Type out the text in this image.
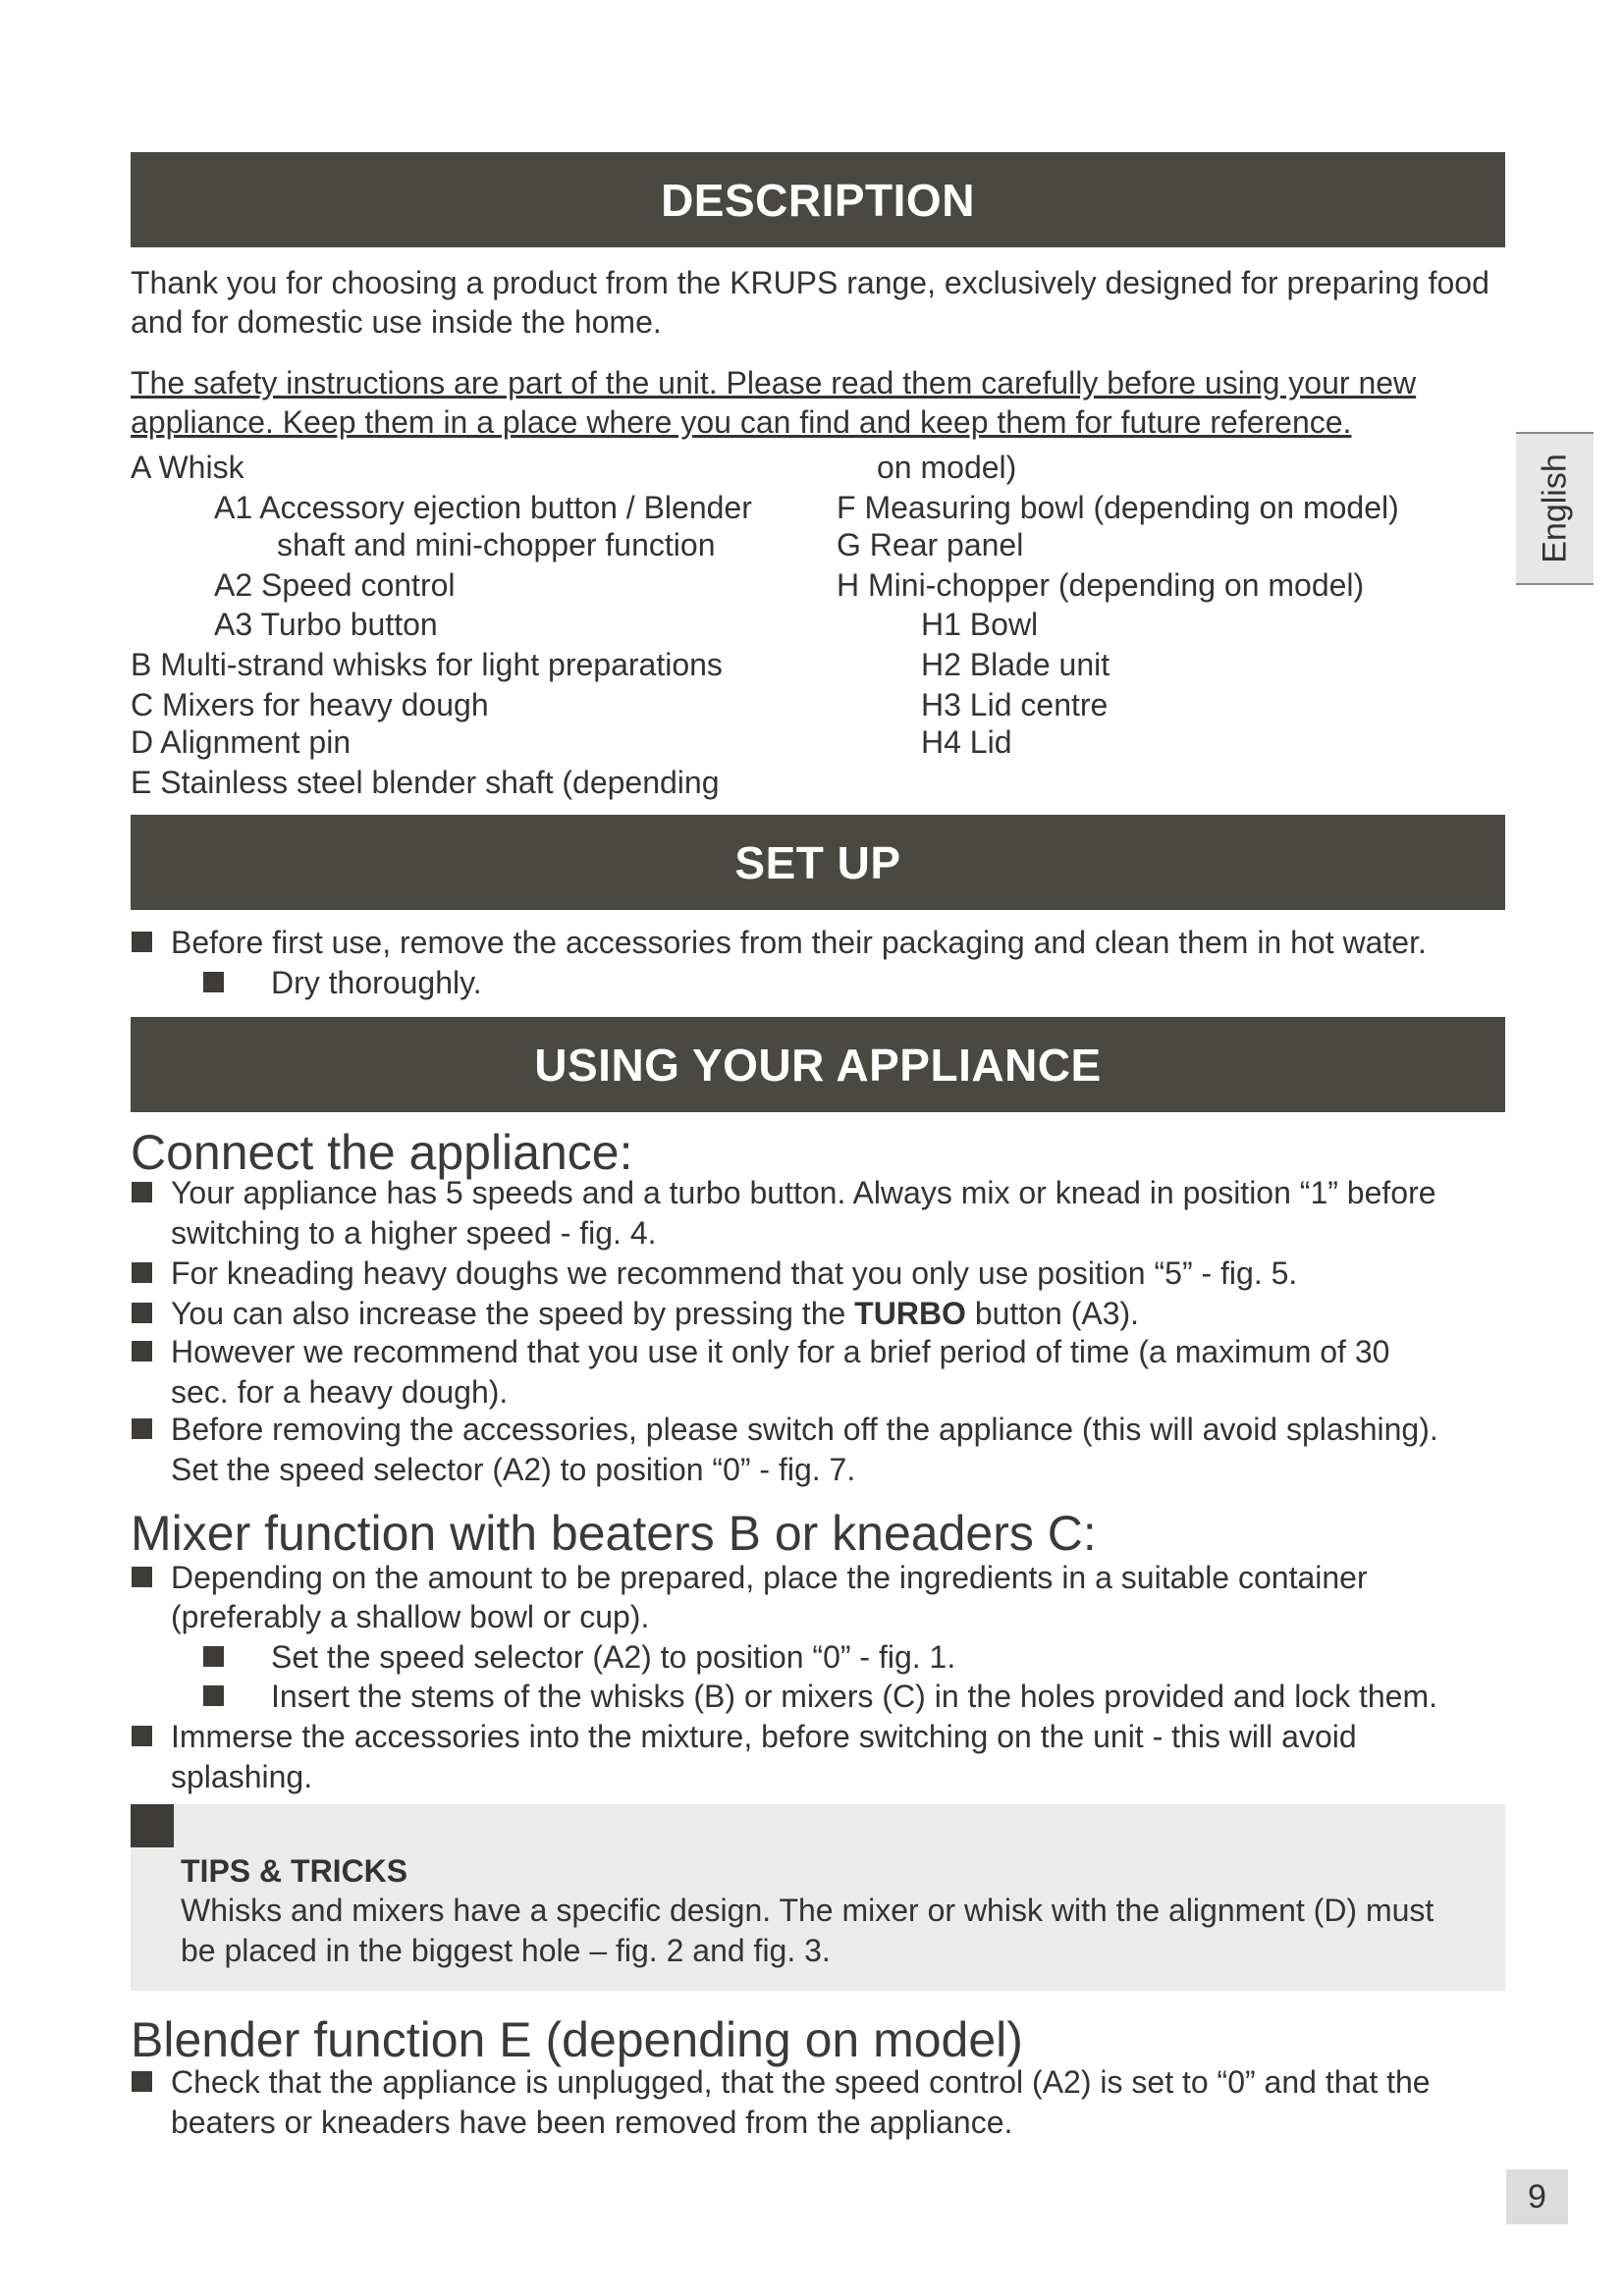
DESCRIPTION

Thank you for choosing a product from the KRUPS range, exclusively designed for preparing food and for domestic use inside the home.

The safety instructions are part of the unit. Please read them carefully before using your new
appliance. Keep them in a place where you can find and keep them for future reference.
A Whisk
A1 Accessory ejection button / Blender
shaft and mini-chopper function
A2 Speed control
A3 Turbo button
B Multi-strand whisks for light preparations
C Mixers for heavy dough
D Alignment pin
E Stainless steel blender shaft (depending
on model)
F Measuring bowl (depending on model)
G Rear panel
H Mini-chopper (depending on model)
H1 Bowl
H2 Blade unit
H3 Lid centre
H4 Lid
English
SET UP
Before first use, remove the accessories from their packaging and clean them in hot water.
Dry thoroughly.
USING YOUR APPLIANCE
Connect the appliance:
Your appliance has 5 speeds and a turbo button. Always mix or knead in position “1” before
switching to a higher speed - fig. 4.
For kneading heavy doughs we recommend that you only use position “5” - fig. 5.
You can also increase the speed by pressing the TURBO button (A3).
However we recommend that you use it only for a brief period of time (a maximum of 30
sec. for a heavy dough).
Before removing the accessories, please switch off the appliance (this will avoid splashing).
Set the speed selector (A2) to position “0” - fig. 7.
Mixer function with beaters B or kneaders C:
Depending on the amount to be prepared, place the ingredients in a suitable container
(preferably a shallow bowl or cup).
Set the speed selector (A2) to position “0” - fig. 1.
Insert the stems of the whisks (B) or mixers (C) in the holes provided and lock them.
Immerse the accessories into the mixture, before switching on the unit - this will avoid
splashing.
TIPS & TRICKS
Whisks and mixers have a specific design. The mixer or whisk with the alignment (D) must
be placed in the biggest hole – fig. 2 and fig. 3.
Blender function E (depending on model)
Check that the appliance is unplugged, that the speed control (A2) is set to “0” and that the
beaters or kneaders have been removed from the appliance.
9
